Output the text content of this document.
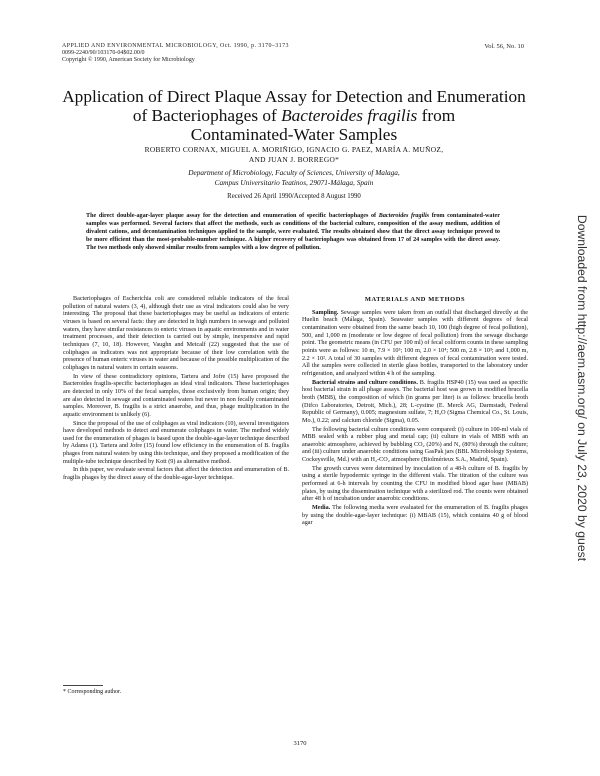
APPLIED AND ENVIRONMENTAL MICROBIOLOGY, Oct. 1990, p. 3170–3173
0099-2240/90/103170-04$02.00/0
Copyright © 1990, American Society for Microbiology
Vol. 56, No. 10
Application of Direct Plaque Assay for Detection and Enumeration
of Bacteriophages of Bacteroides fragilis from
Contaminated-Water Samples
ROBERTO CORNAX, MIGUEL A. MORIÑIGO, IGNACIO G. PAEZ, MARÍA A. MUÑOZ,
AND JUAN J. BORREGO*
Department of Microbiology, Faculty of Sciences, University of Malaga,
Campus Universitario Teatinos, 29071-Málaga, Spain
Received 26 April 1990/Accepted 8 August 1990
The direct double-agar-layer plaque assay for the detection and enumeration of specific bacteriophages of Bacteroides fragilis from contaminated-water samples was performed. Several factors that affect the methods, such as conditions of the bacterial culture, composition of the assay medium, addition of divalent cations, and decontamination techniques applied to the sample, were evaluated. The results obtained show that the direct assay technique proved to be more efficient than the most-probable-number technique. A higher recovery of bacteriophages was obtained from 17 of 24 samples with the direct assay. The two methods only showed similar results from samples with a low degree of pollution.

Bacteriophages of Escherichia coli are considered reliable indicators of the fecal pollution of natural waters (3, 4), although their use as viral indicators could also be very interesting. The proposal that these bacteriophages may be useful as indicators of enteric viruses is based on several facts: they are detected in high numbers in sewage and polluted waters, they have similar resistances to enteric viruses in aquatic environments and in water treatment processes, and their detection is carried out by simple, inexpensive and rapid techniques (7, 10, 18). However, Vaughn and Metcalf (22) suggested that the use of coliphages as indicators was not appropriate because of their low correlation with the presence of human enteric viruses in water and because of the possible multiplication of the coliphages in natural waters in certain seasons.

In view of these contradictory opinions, Tartera and Jofre (15) have proposed the Bacteroides fragilis-specific bacteriophages as ideal viral indicators. These bacteriophages are detected in only 10% of the fecal samples, those exclusively from human origin; they are also detected in sewage and contaminated waters but never in non fecally contaminated samples. Moreover, B. fragilis is a strict anaerobe, and thus, phage multiplication in the aquatic environment is unlikely (6).

Since the proposal of the use of coliphages as viral indicators (10), several investigators have developed methods to detect and enumerate coliphages in water. The method widely used for the enumeration of phages is based upon the double-agar-layer technique described by Adams (1). Tartera and Jofre (15) found low efficiency in the enumeration of B. fragilis phages from natural waters by using this technique, and they proposed a modification of the multiple-tube technique described by Kott (9) as alternative method.

In this paper, we evaluate several factors that affect the detection and enumeration of B. fragilis phages by the direct assay of the double-agar-layer technique.

MATERIALS AND METHODS

Sampling. Sewage samples were taken from an outfall that discharged directly at the Huelin beach (Málaga, Spain). Seawater samples with different degrees of fecal contamination were obtained from the same beach 10, 100 (high degree of fecal pollution), 500, and 1,000 m (moderate or low degree of fecal pollution) from the sewage discharge point. The geometric means (in CFU per 100 ml) of fecal coliform counts in these sampling points were as follows: 10 m, 7.9 × 10⁵; 100 m, 2.0 × 10⁴; 500 m, 2.8 × 10³; and 1,000 m, 2.2 × 10². A total of 30 samples with different degrees of fecal contamination were tested. All the samples were collected in sterile glass bottles, transported to the laboratory under refrigeration, and analyzed within 4 h of the sampling.

Bacterial strains and culture conditions. B. fragilis HSP40 (15) was used as specific host bacterial strain in all phage assays. The bacterial host was grown in modified brucella broth (MBB), the composition of which (in grams per liter) is as follows: brucella broth (Difco Laboratories, Detroit, Mich.), 28; L-cystine (E. Merck AG, Darmstadt, Federal Republic of Germany), 0.005; magnesium sulfate, 7; H₂O (Sigma Chemical Co., St. Louis, Mo.), 0.22; and calcium chloride (Sigma), 0.05.

The following bacterial culture conditions were compared: (i) culture in 100-ml vials of MBB sealed with a rubber plug and metal cap; (ii) culture in vials of MBB with an anaerobic atmosphere, achieved by bubbling CO₂ (20%) and N₂ (80%) through the culture; and (iii) culture under anaerobic conditions using GasPak jars (BBL Microbiology Systems, Cockeysville, Md.) with an H₂-CO₂ atmosphere (Biolmérieux S.A., Madrid, Spain).

The growth curves were determined by inoculation of a 48-h culture of B. fragilis by using a sterile hypodermic syringe in the different vials. The titration of the culture was performed at 6-h intervals by counting the CFU in modified blood agar base (MBAB) plates, by using the dissemination technique with a sterilized rod. The counts were obtained after 48 h of incubation under anaerobic conditions.

Media. The following media were evaluated for the enumeration of B. fragilis phages by using the double-agar-layer technique: (i) MBAB (15), which contains 40 g of blood agar

* Corresponding author.
3170
Downloaded from http://aem.asm.org/ on July 23, 2020 by guest
